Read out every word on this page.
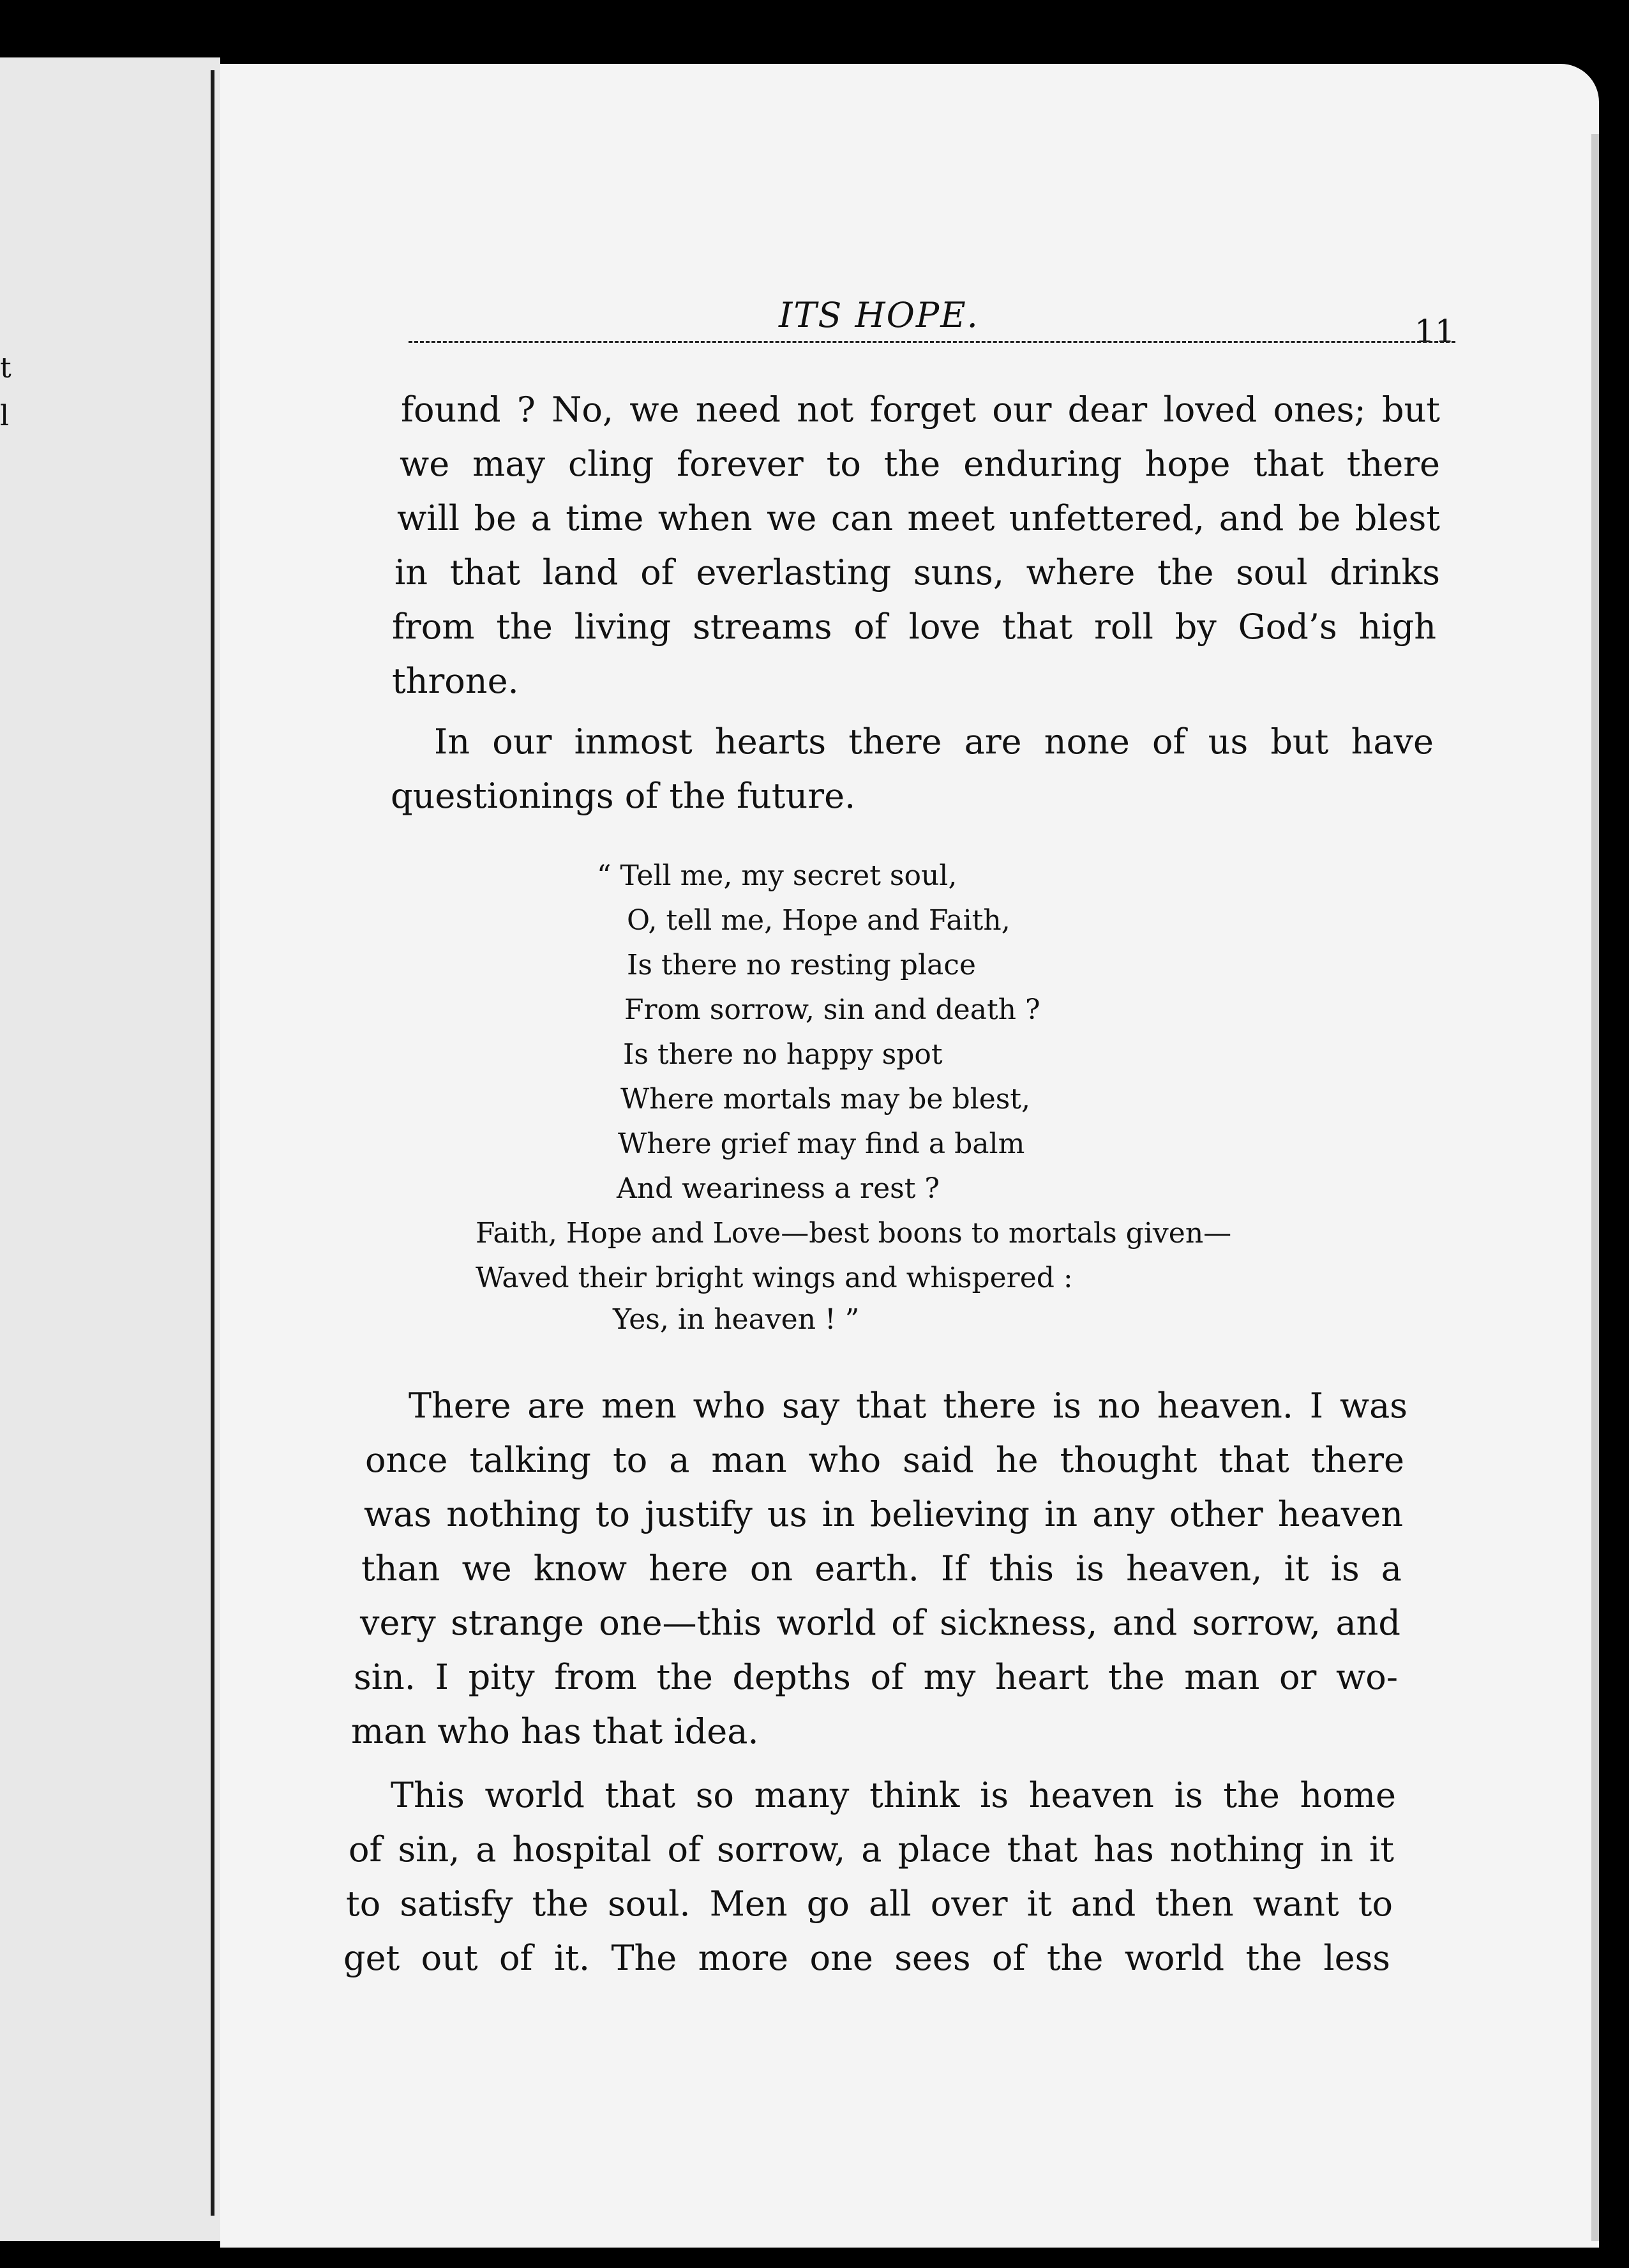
t
l
ITS HOPE.	11
found ? No, we need not forget our dear loved ones; but
we may cling forever to the enduring hope that there
will be a time when we can meet unfettered, and be blest
in that land of everlasting suns, where the soul drinks
from the living streams of love that roll by God’s high
throne.
In our inmost hearts there are none of us but have
questionings of the future.
“ Tell me, my secret soul,
O, tell me, Hope and Faith,
Is there no resting place
From sorrow, sin and death ?
Is there no happy spot
Where mortals may be blest,
Where grief may find a balm
And weariness a rest ?
Faith, Hope and Love—best boons to mortals given—
Waved their bright wings and whispered :
Yes, in heaven ! ”
There are men who say that there is no heaven. I was
once talking to a man who said he thought that there
was nothing to justify us in believing in any other heaven
than we know here on earth. If this is heaven, it is a
very strange one—this world of sickness, and sorrow, and
sin. I pity from the depths of my heart the man or wo-
man who has that idea.
This world that so many think is heaven is the home
of sin, a hospital of sorrow, a place that has nothing in it
to satisfy the soul. Men go all over it and then want to
get out of it. The more one sees of the world the less
